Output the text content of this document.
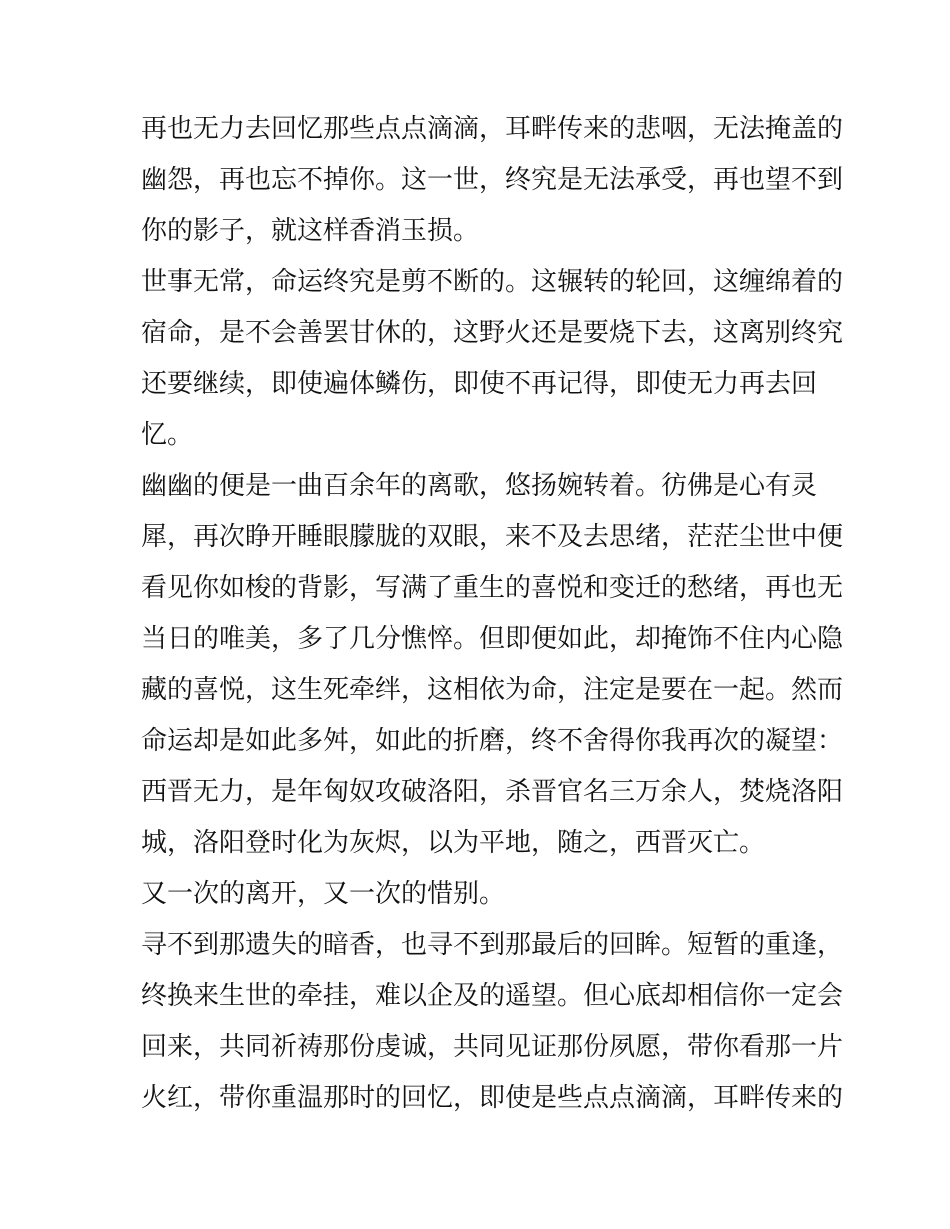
再也无力去回忆那些点点滴滴，耳畔传来的悲咽，无法掩盖的
幽怨，再也忘不掉你。这一世，终究是无法承受，再也望不到
你的影子，就这样香消玉损。
世事无常，命运终究是剪不断的。这辗转的轮回，这缠绵着的
宿命，是不会善罢甘休的，这野火还是要烧下去，这离别终究
还要继续，即使遍体鳞伤，即使不再记得，即使无力再去回
忆。
幽幽的便是一曲百余年的离歌，悠扬婉转着。彷佛是心有灵
犀，再次睁开睡眼朦胧的双眼，来不及去思绪，茫茫尘世中便
看见你如梭的背影，写满了重生的喜悦和变迁的愁绪，再也无
当日的唯美，多了几分憔悴。但即便如此，却掩饰不住内心隐
藏的喜悦，这生死牵绊，这相依为命，注定是要在一起。然而
命运却是如此多舛，如此的折磨，终不舍得你我再次的凝望：
西晋无力，是年匈奴攻破洛阳，杀晋官名三万余人，焚烧洛阳
城，洛阳登时化为灰烬，以为平地，随之，西晋灭亡。
又一次的离开，又一次的惜别。
寻不到那遗失的暗香，也寻不到那最后的回眸。短暂的重逢，
终换来生世的牵挂，难以企及的遥望。但心底却相信你一定会
回来，共同祈祷那份虔诚，共同见证那份夙愿，带你看那一片
火红，带你重温那时的回忆，即使是些点点滴滴，耳畔传来的
